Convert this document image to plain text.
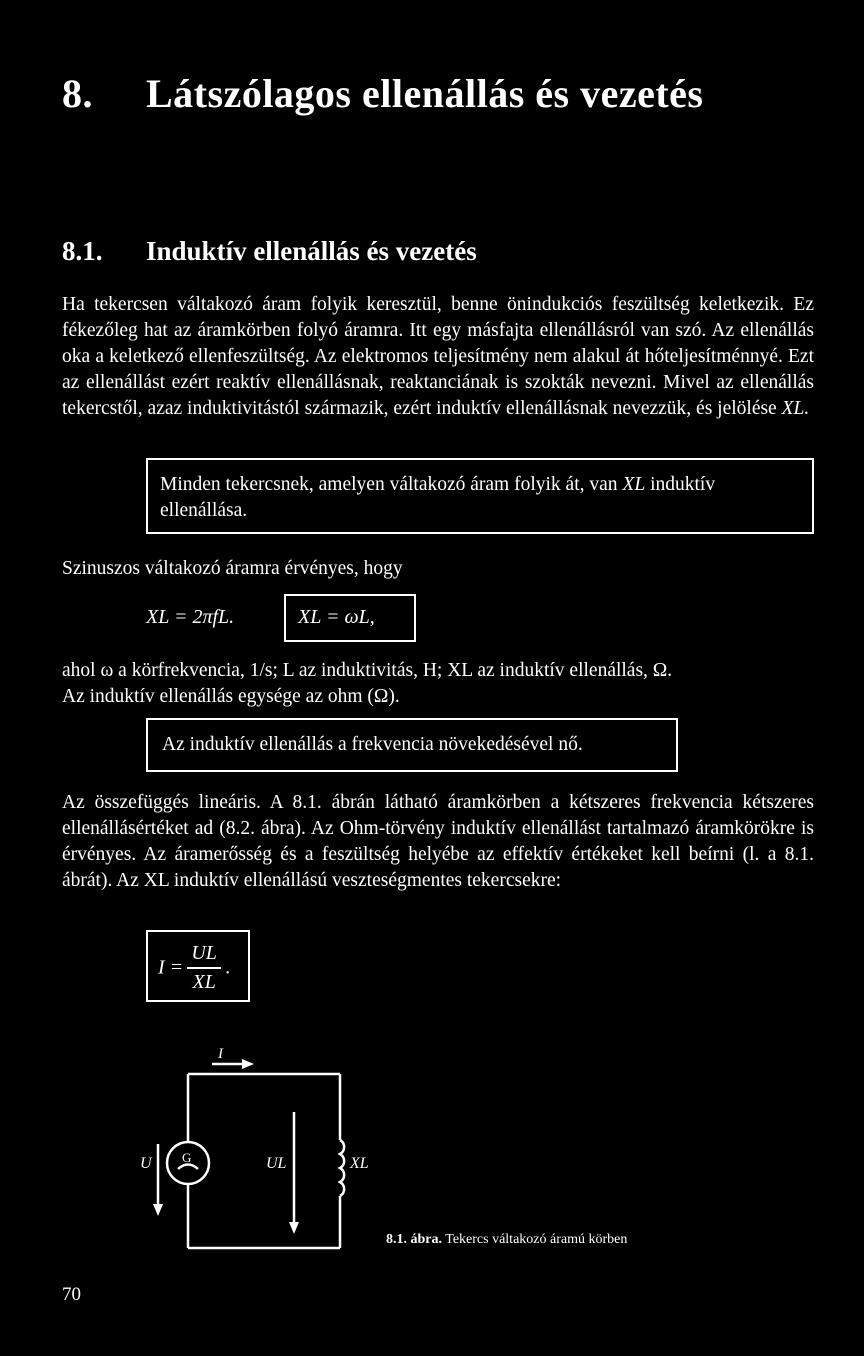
8. Látszólagos ellenállás és vezetés
8.1. Induktív ellenállás és vezetés

Ha tekercsen váltakozó áram folyik keresztül, benne önindukciós feszültség keletkezik. Ez fékezőleg hat az áramkörben folyó áramra. Itt egy másfajta ellenállásról van szó. Az ellenállás oka a keletkező ellenfeszültség. Az elektromos teljesítmény nem alakul át hőteljesítménnyé. Ezt az ellenállást ezért reaktív ellenállásnak, reaktanciának is szokták nevezni. Mivel az ellenállás tekercstől, azaz induktivitástól származik, ezért induktív ellenállásnak nevezzük, és jelölése XL.

Minden tekercsnek, amelyen váltakozó áram folyik át, van XL induktív ellenállása.

Szinuszos váltakozó áramra érvényes, hogy

XL = 2πfL.	XL = ωL,

ahol ω a körfrekvencia, 1/s; L az induktivitás, H; XL az induktív ellenállás, Ω.

Az induktív ellenállás egysége az ohm (Ω).

Az induktív ellenállás a frekvencia növekedésével nő.

Az összefüggés lineáris. A 8.1. ábrán látható áramkörben a kétszeres frekvencia kétszeres ellenállásértéket ad (8.2. ábra). Az Ohm-törvény induktív ellenállást tartalmazó áramkörökre is érvényes. Az áramerősség és a feszültség helyébe az effektív értékeket kell beírni (l. a 8.1. ábrát). Az XL induktív ellenállású veszteségmentes tekercsekre:

$I = \frac{UL}{XL}$ .
I
U G	UL	XL
8.1. ábra. Tekercs váltakozó áramú körben
70
